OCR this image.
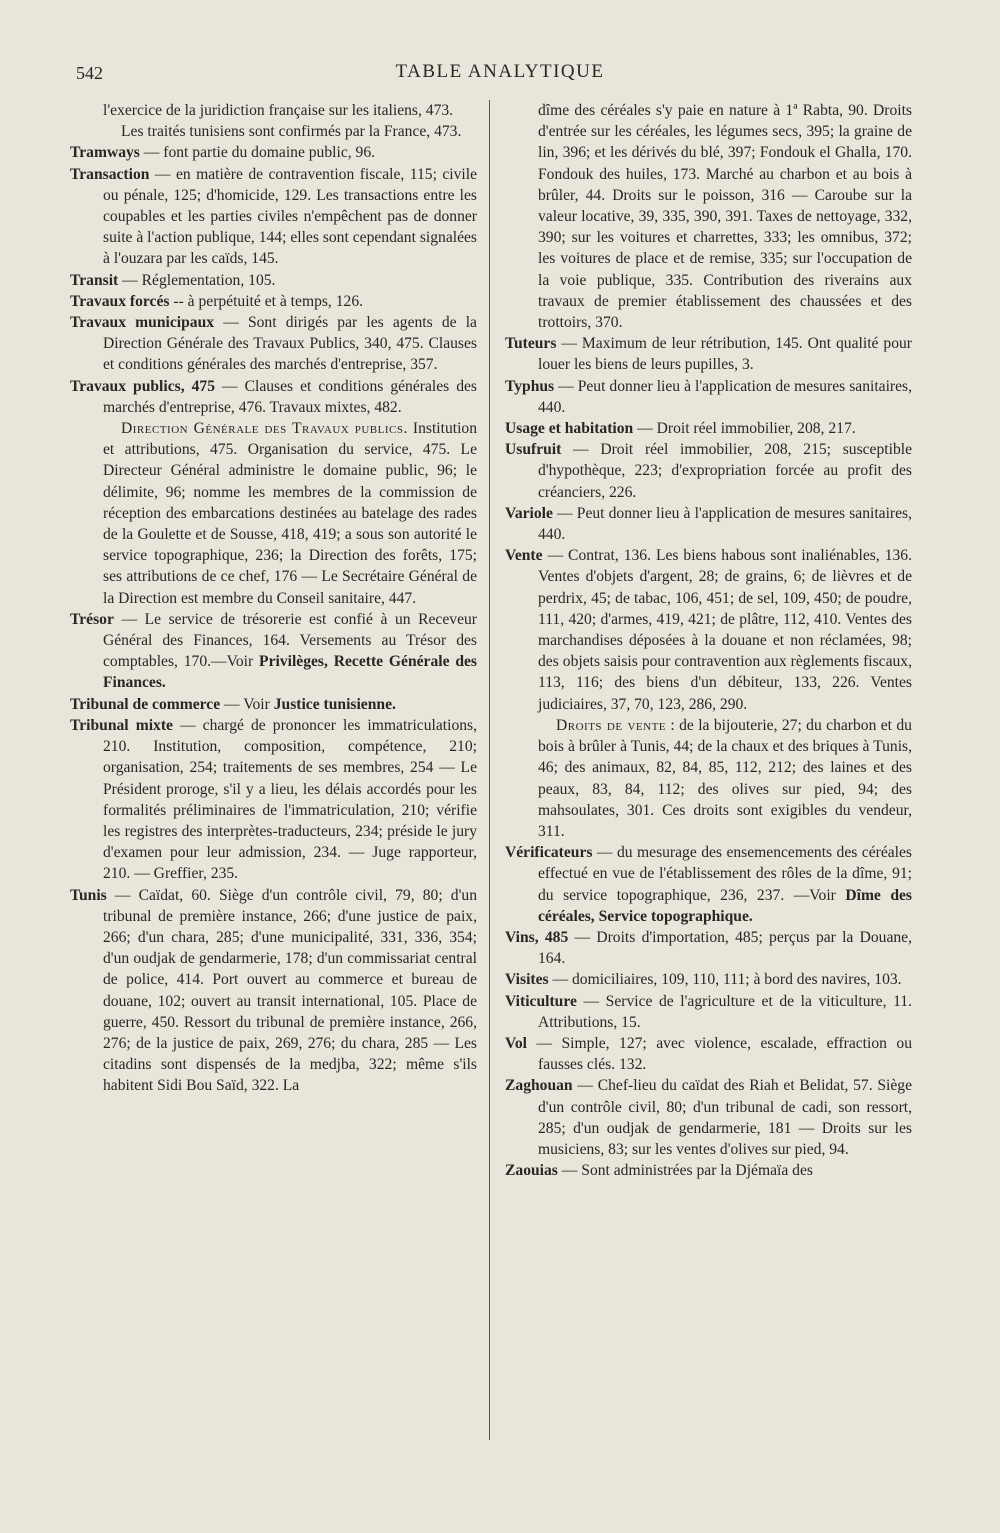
542	TABLE ANALYTIQUE

l'exercice de la juridiction française sur les italiens, 473.

Les traités tunisiens sont confirmés par la France, 473.

Tramways — font partie du domaine public, 96.

Transaction — en matière de contravention fiscale, 115; civile ou pénale, 125; d'homicide, 129. Les transactions entre les coupables et les parties civiles n'empêchent pas de donner suite à l'action publique, 144; elles sont cependant signalées à l'ouzara par les caïds, 145.

Transit — Réglementation, 105.

Travaux forcés -- à perpétuité et à temps, 126.

Travaux municipaux — Sont dirigés par les agents de la Direction Générale des Travaux Publics, 340, 475. Clauses et conditions générales des marchés d'entreprise, 357.

Travaux publics, 475 — Clauses et conditions générales des marchés d'entreprise, 476. Travaux mixtes, 482.

Direction Générale des Travaux publics. Institution et attributions, 475. Organisation du service, 475. Le Directeur Général administre le domaine public, 96; le délimite, 96; nomme les membres de la commission de réception des embarcations destinées au batelage des rades de la Goulette et de Sousse, 418, 419; a sous son autorité le service topographique, 236; la Direction des forêts, 175; ses attributions de ce chef, 176 — Le Secrétaire Général de la Direction est membre du Conseil sanitaire, 447.

Trésor — Le service de trésorerie est confié à un Receveur Général des Finances, 164. Versements au Trésor des comptables, 170.—Voir Privilèges, Recette Générale des Finances.

Tribunal de commerce — Voir Justice tunisienne.

Tribunal mixte — chargé de prononcer les immatriculations, 210. Institution, composition, compétence, 210; organisation, 254; traitements de ses membres, 254 — Le Président proroge, s'il y a lieu, les délais accordés pour les formalités préliminaires de l'immatriculation, 210; vérifie les registres des interprètes-traducteurs, 234; préside le jury d'examen pour leur admission, 234. — Juge rapporteur, 210. — Greffier, 235.

Tunis — Caïdat, 60. Siège d'un contrôle civil, 79, 80; d'un tribunal de première instance, 266; d'une justice de paix, 266; d'un chara, 285; d'une municipalité, 331, 336, 354; d'un oudjak de gendarmerie, 178; d'un commissariat central de police, 414. Port ouvert au commerce et bureau de douane, 102; ouvert au transit international, 105. Place de guerre, 450. Ressort du tribunal de première instance, 266, 276; de la justice de paix, 269, 276; du chara, 285 — Les citadins sont dispensés de la medjba, 322; même s'ils habitent Sidi Bou Saïd, 322. La

dîme des céréales s'y paie en nature à 1ª Rabta, 90. Droits d'entrée sur les céréales, les légumes secs, 395; la graine de lin, 396; et les dérivés du blé, 397; Fondouk el Ghalla, 170. Fondouk des huiles, 173. Marché au charbon et au bois à brûler, 44. Droits sur le poisson, 316 — Caroube sur la valeur locative, 39, 335, 390, 391. Taxes de nettoyage, 332, 390; sur les voitures et charrettes, 333; les omnibus, 372; les voitures de place et de remise, 335; sur l'occupation de la voie publique, 335. Contribution des riverains aux travaux de premier établissement des chaussées et des trottoirs, 370.

Tuteurs — Maximum de leur rétribution, 145. Ont qualité pour louer les biens de leurs pupilles, 3.

Typhus — Peut donner lieu à l'application de mesures sanitaires, 440.

Usage et habitation — Droit réel immobilier, 208, 217.

Usufruit — Droit réel immobilier, 208, 215; susceptible d'hypothèque, 223; d'expropriation forcée au profit des créanciers, 226.

Variole — Peut donner lieu à l'application de mesures sanitaires, 440.

Vente — Contrat, 136. Les biens habous sont inaliénables, 136. Ventes d'objets d'argent, 28; de grains, 6; de lièvres et de perdrix, 45; de tabac, 106, 451; de sel, 109, 450; de poudre, 111, 420; d'armes, 419, 421; de plâtre, 112, 410. Ventes des marchandises déposées à la douane et non réclamées, 98; des objets saisis pour contravention aux règlements fiscaux, 113, 116; des biens d'un débiteur, 133, 226. Ventes judiciaires, 37, 70, 123, 286, 290.

Droits de vente : de la bijouterie, 27; du charbon et du bois à brûler à Tunis, 44; de la chaux et des briques à Tunis, 46; des animaux, 82, 84, 85, 112, 212; des laines et des peaux, 83, 84, 112; des olives sur pied, 94; des mahsoulates, 301. Ces droits sont exigibles du vendeur, 311.

Vérificateurs — du mesurage des ensemencements des céréales effectué en vue de l'établissement des rôles de la dîme, 91; du service topographique, 236, 237. —Voir Dîme des céréales, Service topographique.

Vins, 485 — Droits d'importation, 485; perçus par la Douane, 164.

Visites — domiciliaires, 109, 110, 111; à bord des navires, 103.

Viticulture — Service de l'agriculture et de la viticulture, 11. Attributions, 15.

Vol — Simple, 127; avec violence, escalade, effraction ou fausses clés. 132.

Zaghouan — Chef-lieu du caïdat des Riah et Belidat, 57. Siège d'un contrôle civil, 80; d'un tribunal de cadi, son ressort, 285; d'un oudjak de gendarmerie, 181 — Droits sur les musiciens, 83; sur les ventes d'olives sur pied, 94.

Zaouias — Sont administrées par la Djémaïa des
